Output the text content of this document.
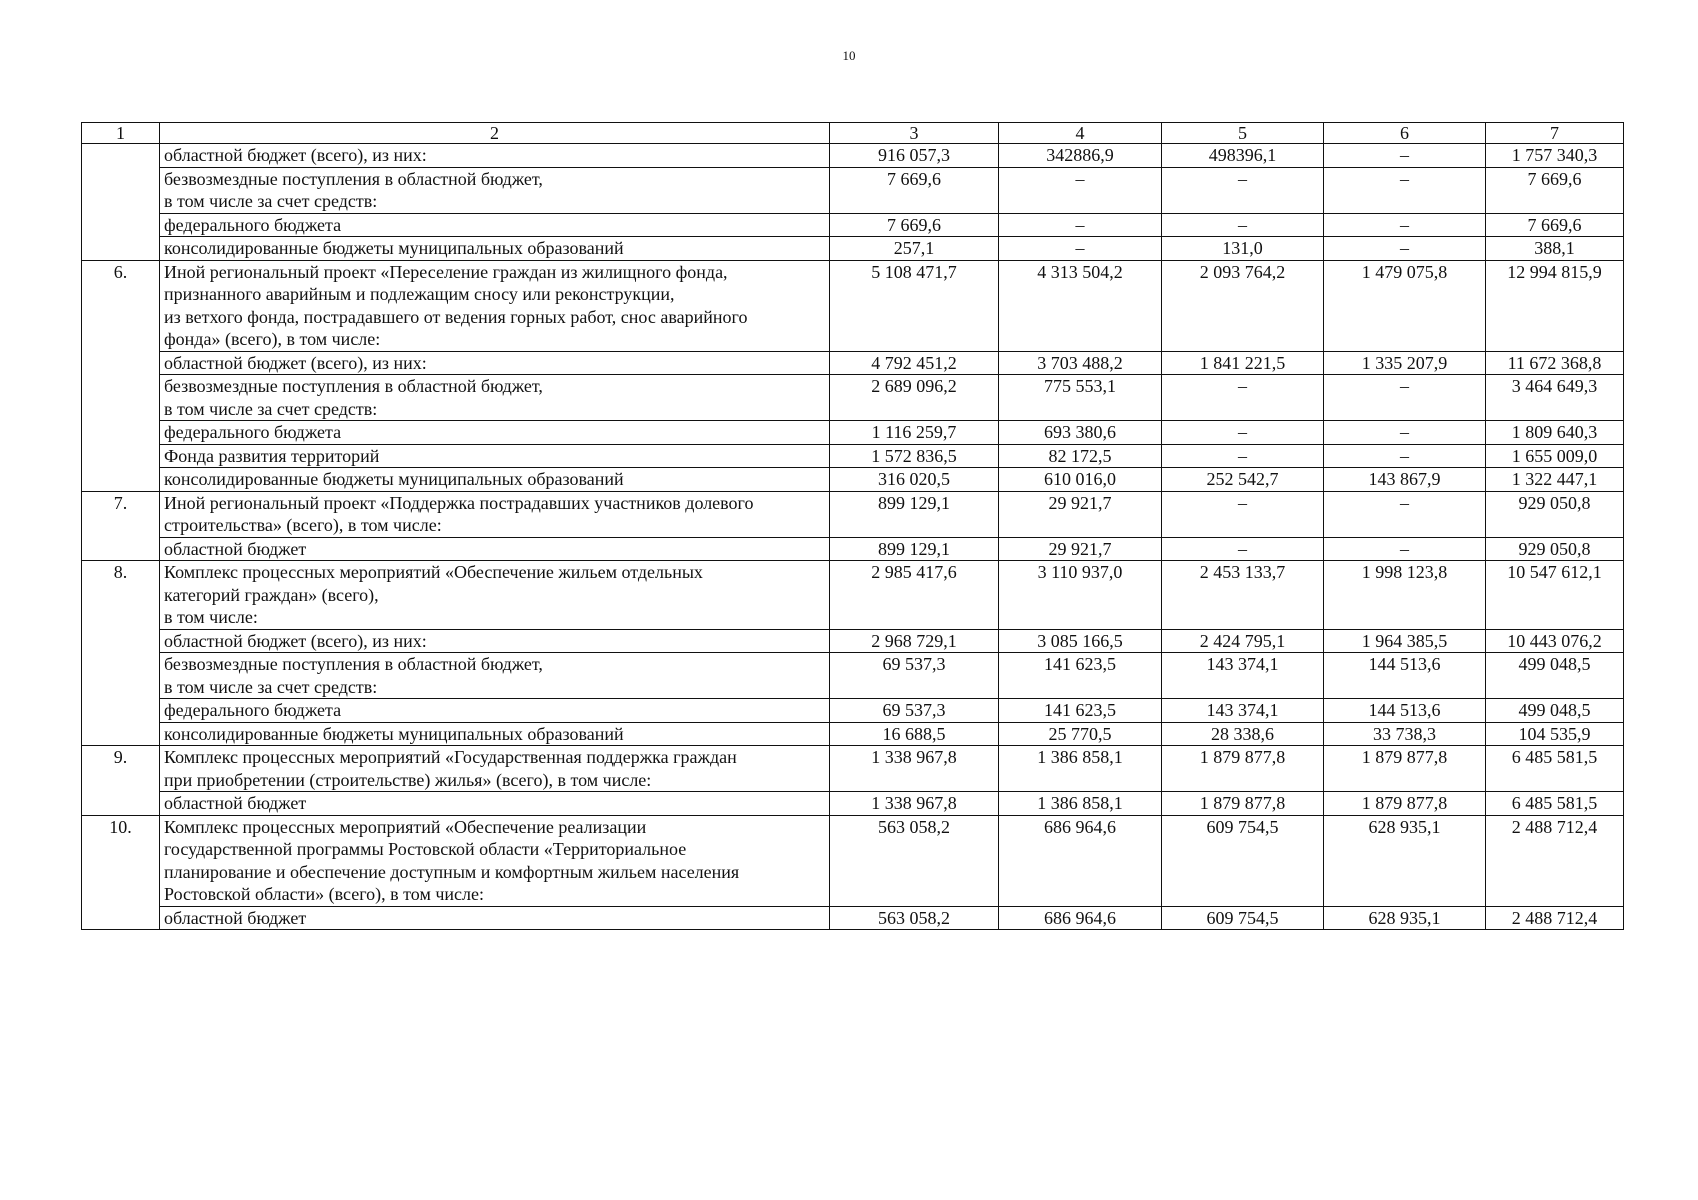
10
1	2	3	4	5	6	7

	областной бюджет (всего), из них:	916 057,3	342886,9	498396,1	–	1 757 340,3

	безвозмездные поступления в областной бюджет,
в том числе за счет средств:	7 669,6	–	–	–	7 669,6

	федерального бюджета	7 669,6	–	–	–	7 669,6

	консолидированные бюджеты муниципальных образований	257,1	–	131,0	–	388,1
6.	Иной региональный проект «Переселение граждан из жилищного фонда,
признанного аварийным и подлежащим сносу или реконструкции,
из ветхого фонда, пострадавшего от ведения горных работ, снос аварийного
фонда» (всего), в том числе:	5 108 471,7	4 313 504,2	2 093 764,2	1 479 075,8	12 994 815,9

	областной бюджет (всего), из них:	4 792 451,2	3 703 488,2	1 841 221,5	1 335 207,9	11 672 368,8

	безвозмездные поступления в областной бюджет,
в том числе за счет средств:	2 689 096,2	775 553,1	–	–	3 464 649,3

	федерального бюджета	1 116 259,7	693 380,6	–	–	1 809 640,3

	Фонда развития территорий	1 572 836,5	82 172,5	–	–	1 655 009,0

	консолидированные бюджеты муниципальных образований	316 020,5	610 016,0	252 542,7	143 867,9	1 322 447,1
7.	Иной региональный проект «Поддержка пострадавших участников долевого
строительства» (всего), в том числе:	899 129,1	29 921,7	–	–	929 050,8

	областной бюджет	899 129,1	29 921,7	–	–	929 050,8
8.	Комплекс процессных мероприятий «Обеспечение жильем отдельных
категорий граждан» (всего),
в том числе:	2 985 417,6	3 110 937,0	2 453 133,7	1 998 123,8	10 547 612,1

	областной бюджет (всего), из них:	2 968 729,1	3 085 166,5	2 424 795,1	1 964 385,5	10 443 076,2

	безвозмездные поступления в областной бюджет,
в том числе за счет средств:	69 537,3	141 623,5	143 374,1	144 513,6	499 048,5

	федерального бюджета	69 537,3	141 623,5	143 374,1	144 513,6	499 048,5

	консолидированные бюджеты муниципальных образований	16 688,5	25 770,5	28 338,6	33 738,3	104 535,9
9.	Комплекс процессных мероприятий «Государственная поддержка граждан
при приобретении (строительстве) жилья» (всего), в том числе:	1 338 967,8	1 386 858,1	1 879 877,8	1 879 877,8	6 485 581,5

	областной бюджет	1 338 967,8	1 386 858,1	1 879 877,8	1 879 877,8	6 485 581,5
10.	Комплекс процессных мероприятий «Обеспечение реализации
государственной программы Ростовской области «Территориальное
планирование и обеспечение доступным и комфортным жильем населения
Ростовской области» (всего), в том числе:	563 058,2	686 964,6	609 754,5	628 935,1	2 488 712,4

	областной бюджет	563 058,2	686 964,6	609 754,5	628 935,1	2 488 712,4
